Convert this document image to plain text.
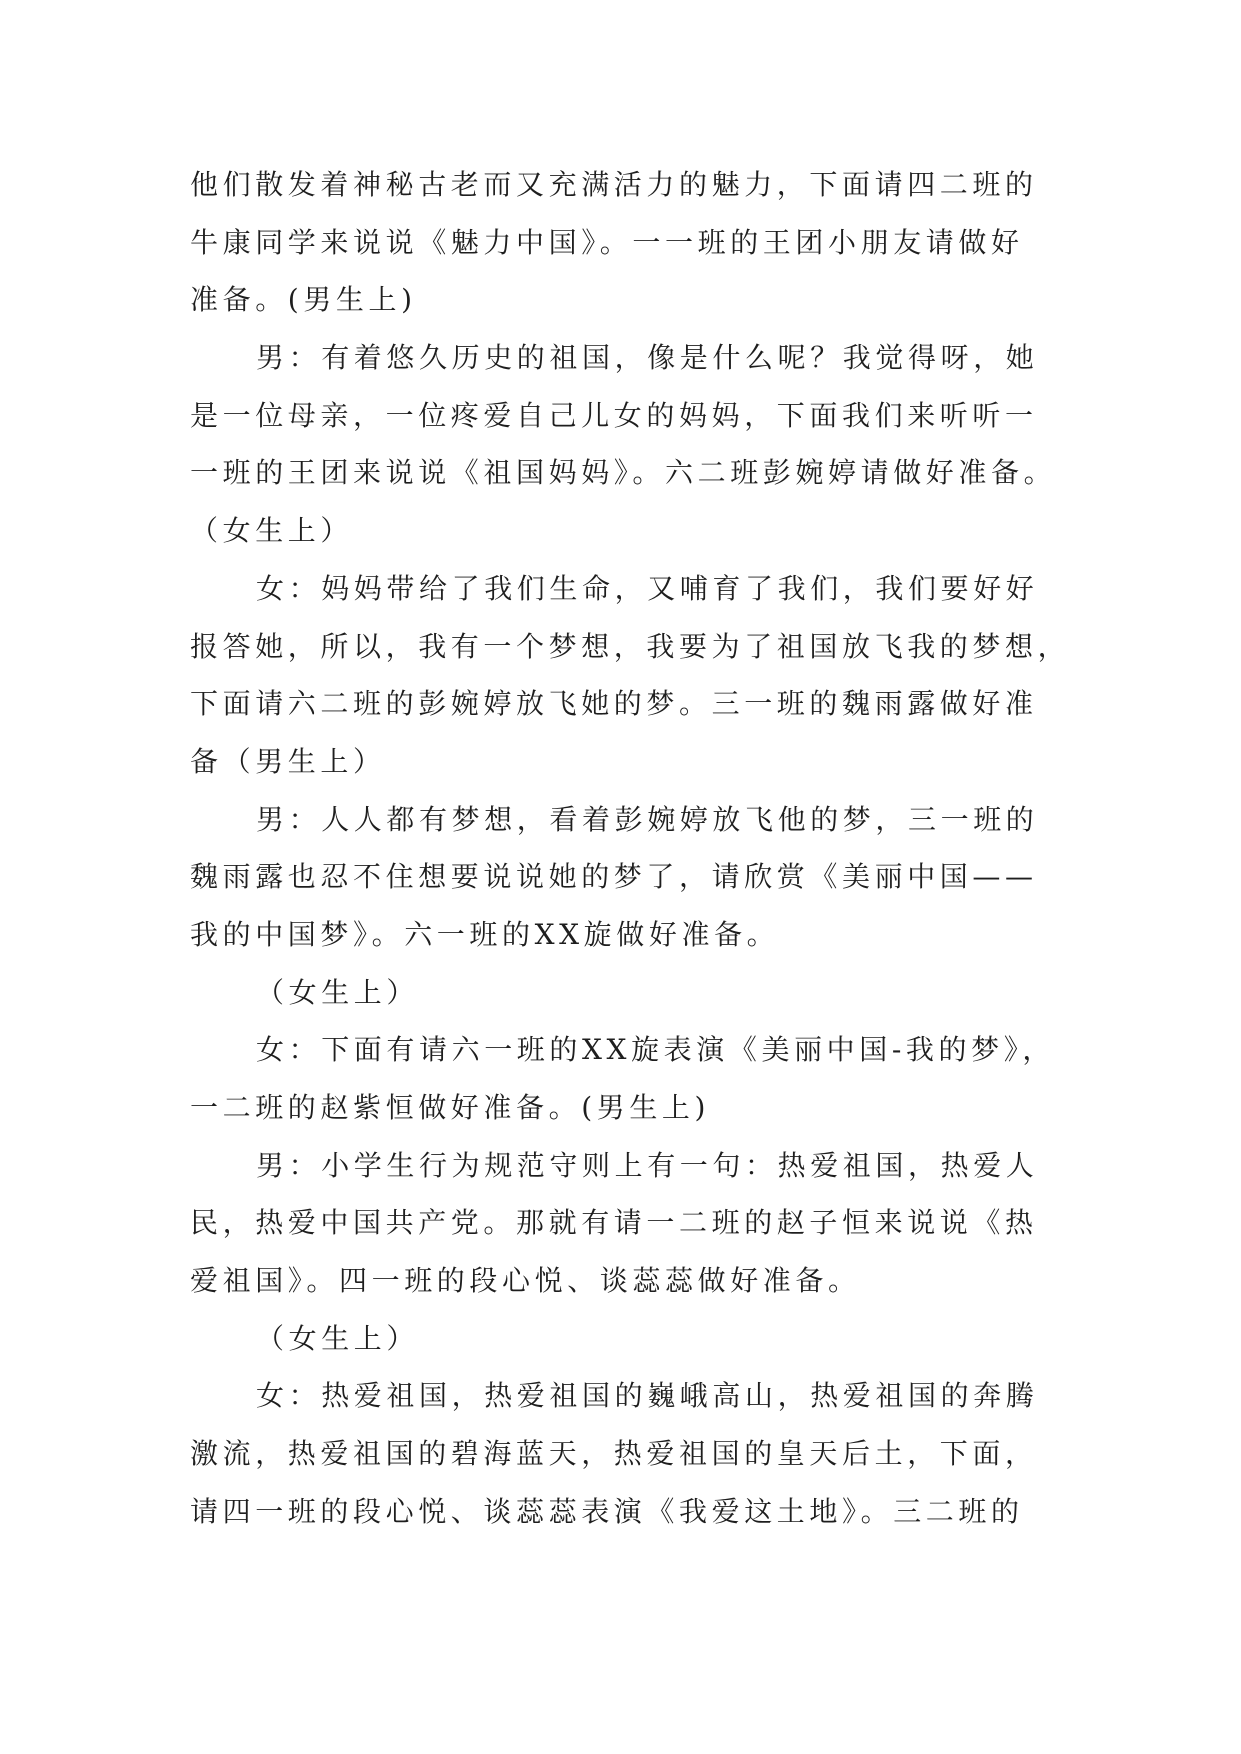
他们散发着神秘古老而又充满活力的魅力，下面请四二班的
牛康同学来说说《魅力中国》。一一班的王团小朋友请做好
准备。(男生上)
男：有着悠久历史的祖国，像是什么呢？我觉得呀，她
是一位母亲，一位疼爱自己儿女的妈妈，下面我们来听听一
一班的王团来说说《祖国妈妈》。六二班彭婉婷请做好准备。
（女生上）
女：妈妈带给了我们生命，又哺育了我们，我们要好好
报答她，所以，我有一个梦想，我要为了祖国放飞我的梦想，
下面请六二班的彭婉婷放飞她的梦。三一班的魏雨露做好准
备（男生上）
男：人人都有梦想，看着彭婉婷放飞他的梦，三一班的
魏雨露也忍不住想要说说她的梦了，请欣赏《美丽中国——
我的中国梦》。六一班的XX旋做好准备。
（女生上）
女：下面有请六一班的XX旋表演《美丽中国-我的梦》，
一二班的赵紫恒做好准备。(男生上)
男：小学生行为规范守则上有一句：热爱祖国，热爱人
民，热爱中国共产党。那就有请一二班的赵子恒来说说《热
爱祖国》。四一班的段心悦、谈蕊蕊做好准备。
（女生上）
女：热爱祖国，热爱祖国的巍峨高山，热爱祖国的奔腾
激流，热爱祖国的碧海蓝天，热爱祖国的皇天后土，下面，
请四一班的段心悦、谈蕊蕊表演《我爱这土地》。三二班的
